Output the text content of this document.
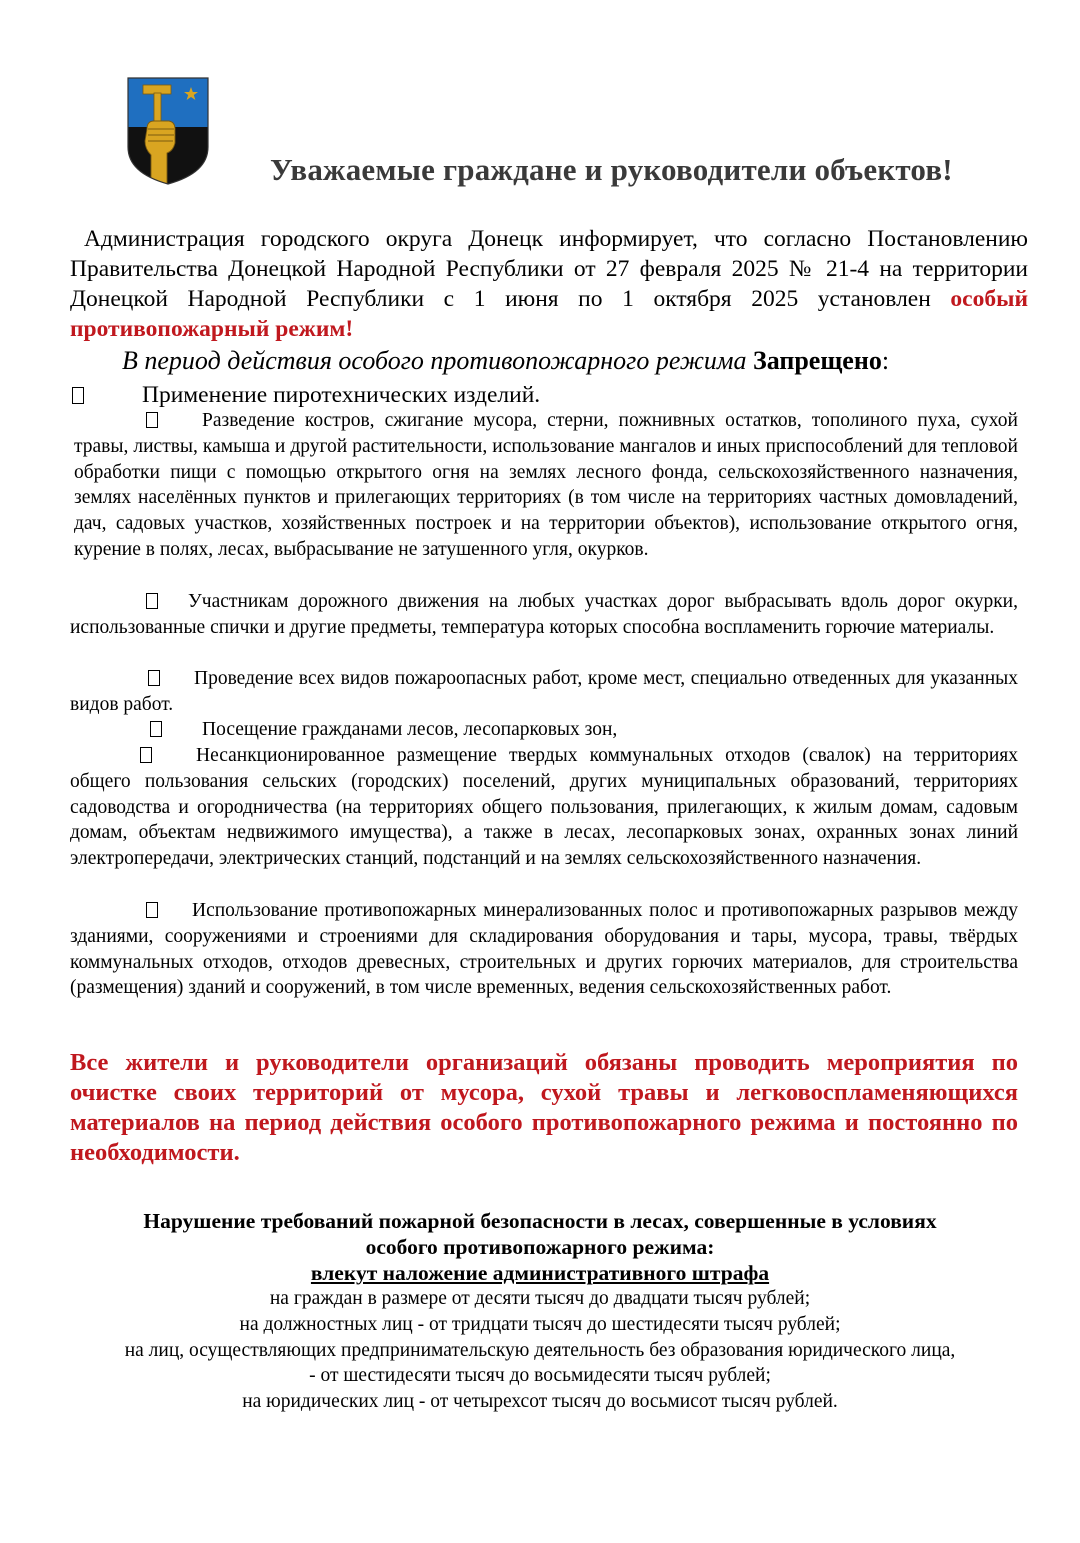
Уважаемые граждане и руководители объектов!
Администрация городского округа Донецк информирует, что согласно Постановлению Правительства Донецкой Народной Республики от 27 февраля 2025 № 21-4 на территории Донецкой Народной Республики с 1 июня по 1 октября 2025 установлен особый противопожарный режим!
В период действия особого противопожарного режима Запрещено:
Применение пиротехнических изделий.
Разведение костров, сжигание мусора, стерни, пожнивных остатков, тополиного пуха, сухой травы, листвы, камыша и другой растительности, использование мангалов и иных приспособлений для тепловой обработки пищи с помощью открытого огня на землях лесного фонда, сельскохозяйственного назначения, землях населённых пунктов и прилегающих территориях (в том числе на территориях частных домовладений, дач, садовых участков, хозяйственных построек и на территории объектов), использование открытого огня, курение в полях, лесах, выбрасывание не затушенного угля, окурков.
Участникам дорожного движения на любых участках дорог выбрасывать вдоль дорог окурки, использованные спички и другие предметы, температура которых способна воспламенить горючие материалы.
Проведение всех видов пожароопасных работ, кроме мест, специально отведенных для указанных видов работ.
Посещение гражданами лесов, лесопарковых зон,
Несанкционированное размещение твердых коммунальных отходов (свалок) на территориях общего пользования сельских (городских) поселений, других муниципальных образований, территориях садоводства и огородничества (на территориях общего пользования, прилегающих, к жилым домам, садовым домам, объектам недвижимого имущества), а также в лесах, лесопарковых зонах, охранных зонах линий электропередачи, электрических станций, подстанций и на землях сельскохозяйственного назначения.
Использование противопожарных минерализованных полос и противопожарных разрывов между зданиями, сооружениями и строениями для складирования оборудования и тары, мусора, травы, твёрдых коммунальных отходов, отходов древесных, строительных и других горючих материалов, для строительства (размещения) зданий и сооружений, в том числе временных, ведения сельскохозяйственных работ.
Все жители и руководители организаций обязаны проводить мероприятия по очистке своих территорий от мусора, сухой травы и легковоспламеняющихся материалов на период действия особого противопожарного режима и постоянно по необходимости.
Нарушение требований пожарной безопасности в лесах, совершенные в условиях
особого противопожарного режима:
влекут наложение административного штрафа
на граждан в размере от десяти тысяч до двадцати тысяч рублей;
на должностных лиц - от тридцати тысяч до шестидесяти тысяч рублей;
на лиц, осуществляющих предпринимательскую деятельность без образования юридического лица,
- от шестидесяти тысяч до восьмидесяти тысяч рублей;
на юридических лиц - от четырехсот тысяч до восьмисот тысяч рублей.
